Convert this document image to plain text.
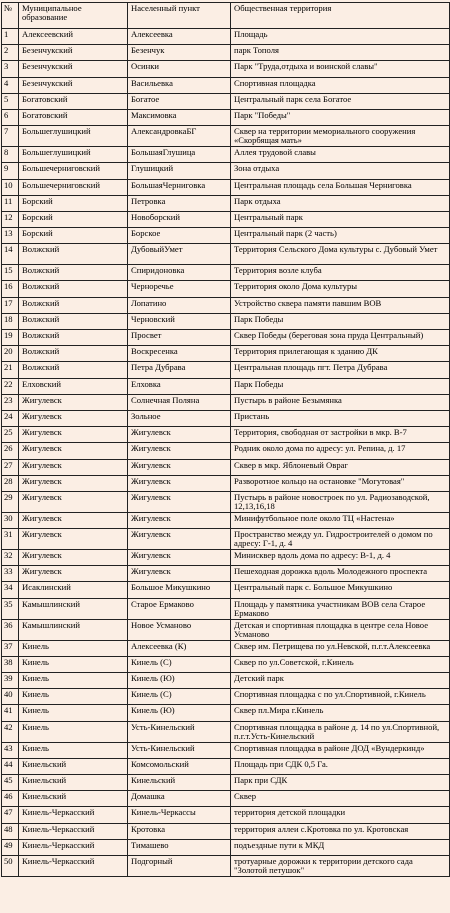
№	Муниципальное образование	Населенный пункт	Общественная территория
1	Алексеевский	Алексеевка	Площадь
2	Безенчукский	Безенчук	парк Тополя
3	Безенчукский	Осинки	Парк "Труда,отдыха и воинской славы"
4	Безенчукский	Васильевка	Спортивная площадка
5	Богатовский	Богатое	Центральный парк села Богатое
6	Богатовский	Максимовка	Парк "Победы"
7	Большеглушицкий	АлександровкаБГ	Сквер на территории мемориального сооружения «Скорбящая мать»
8	Большеглушицкий	БольшаяГлушица	Аллея трудовой славы
9	Большечерниговский	Глушицкий	Зона отдыха
10	Большечерниговский	БольшаяЧерниговка	Центральная площадь села Большая Черниговка
11	Борский	Петровка	Парк отдыха
12	Борский	Новоборский	Центральный парк
13	Борский	Борское	Центральный парк (2 часть)
14	Волжский	ДубовыйУмет	Территория Сельского Дома культуры с. Дубовый Умет
15	Волжский	Спиридоновка	Территория возле клуба
16	Волжский	Черноречье	Территория около Дома культуры
17	Волжский	Лопатино	Устройство сквера памяти павшим ВОВ
18	Волжский	Черновский	Парк Победы
19	Волжский	Просвет	Сквер Победы (береговая зона пруда Центральный)
20	Волжский	Воскресенка	Территория прилегающая к зданию ДК
21	Волжский	Петра Дубрава	Центральная площадь пгт. Петра Дубрава
22	Елховский	Елховка	Парк Победы
23	Жигулевск	Солнечная Поляна	Пустырь в районе Безымянка
24	Жигулевск	Зольное	Пристань
25	Жигулевск	Жигулевск	Территория, свободная от застройки в мкр. В-7
26	Жигулевск	Жигулевск	Родник около дома по адресу: ул. Репина, д. 17
27	Жигулевск	Жигулевск	Сквер в мкр. Яблоневый Овраг
28	Жигулевск	Жигулевск	Разворотное кольцо на остановке "Могутовая"
29	Жигулевск	Жигулевск	Пустырь в районе новостроек по ул. Радиозаводской, 12,13,16,18
30	Жигулевск	Жигулевск	Минифутбольное поле около ТЦ «Настена»
31	Жигулевск	Жигулевск	Пространство между ул. Гидростроителей о домом по адресу: Г-1, д. 4
32	Жигулевск	Жигулевск	Минисквер вдоль дома по адресу: В-1, д. 4
33	Жигулевск	Жигулевск	Пешеходная дорожка вдоль Молодежного проспекта
34	Исаклинский	Большое Микушкино	Центральный парк с. Большое Микушкино
35	Камышлинский	Старое Ермаково	Площадь у памятника участникам ВОВ села Старое Ермаково
36	Камышлинский	Новое Усманово	Детская и спортивная площадка в центре села Новое Усманово
37	Кинель	Алексеевка (К)	Сквер им. Петрищева по ул.Невской, п.г.т.Алексеевка
38	Кинель	Кинель (С)	Сквер по ул.Советской, г.Кинель
39	Кинель	Кинель (Ю)	Детский парк
40	Кинель	Кинель (С)	Спортивная площадка с по ул.Спортивной, г.Кинель
41	Кинель	Кинель (Ю)	Сквер пл.Мира г.Кинель
42	Кинель	Усть-Кинельский	Спортивная площадка в районе д. 14 по ул.Спортивной, п.г.т.Усть-Кинельский
43	Кинель	Усть-Кинельский	Спортивная площадка в районе ДОД «Вундеркинд»
44	Кинельский	Комсомольский	Площадь при СДК 0,5 Га.
45	Кинельский	Кинельский	Парк при СДК
46	Кинельский	Домашка	Сквер
47	Кинель-Черкасский	Кинель-Черкассы	территория детской площадки
48	Кинель-Черкасский	Кротовка	территория аллеи с.Кротовка по ул. Кротовская
49	Кинель-Черкасский	Тимашево	подъездные пути к МКД
50	Кинель-Черкасский	Подгорный	тротуарные дорожки к территории детского сада "Золотой петушок"
